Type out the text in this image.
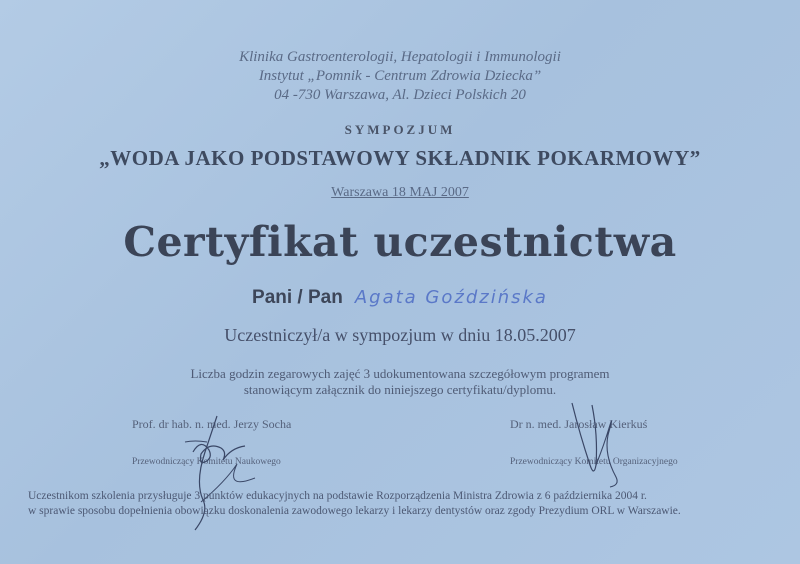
Klinika Gastroenterologii, Hepatologii i Immunologii
Instytut „Pomnik - Centrum Zdrowia Dziecka”
04 -730 Warszawa, Al. Dzieci Polskich 20
SYMPOZJUM
„WODA JAKO PODSTAWOWY SKŁADNIK POKARMOWY”
Warszawa 18 MAJ 2007
Certyfikat uczestnictwa
Pani / Pan Agata Goździńska
Uczestniczył/a w sympozjum w dniu 18.05.2007
Liczba godzin zegarowych zajęć 3 udokumentowana szczegółowym programem
stanowiącym załącznik do niniejszego certyfikatu/dyplomu.
Prof. dr hab. n. med. Jerzy Socha
Przewodniczący Komitetu Naukowego
Dr n. med. Jarosław Kierkuś
Przewodniczący Komitetu Organizacyjnego
Uczestnikom szkolenia przysługuje 3 punktów edukacyjnych na podstawie Rozporządzenia Ministra Zdrowia z 6 października 2004 r.
w sprawie sposobu dopełnienia obowiązku doskonalenia zawodowego lekarzy i lekarzy dentystów oraz zgody Prezydium ORL w Warszawie.
